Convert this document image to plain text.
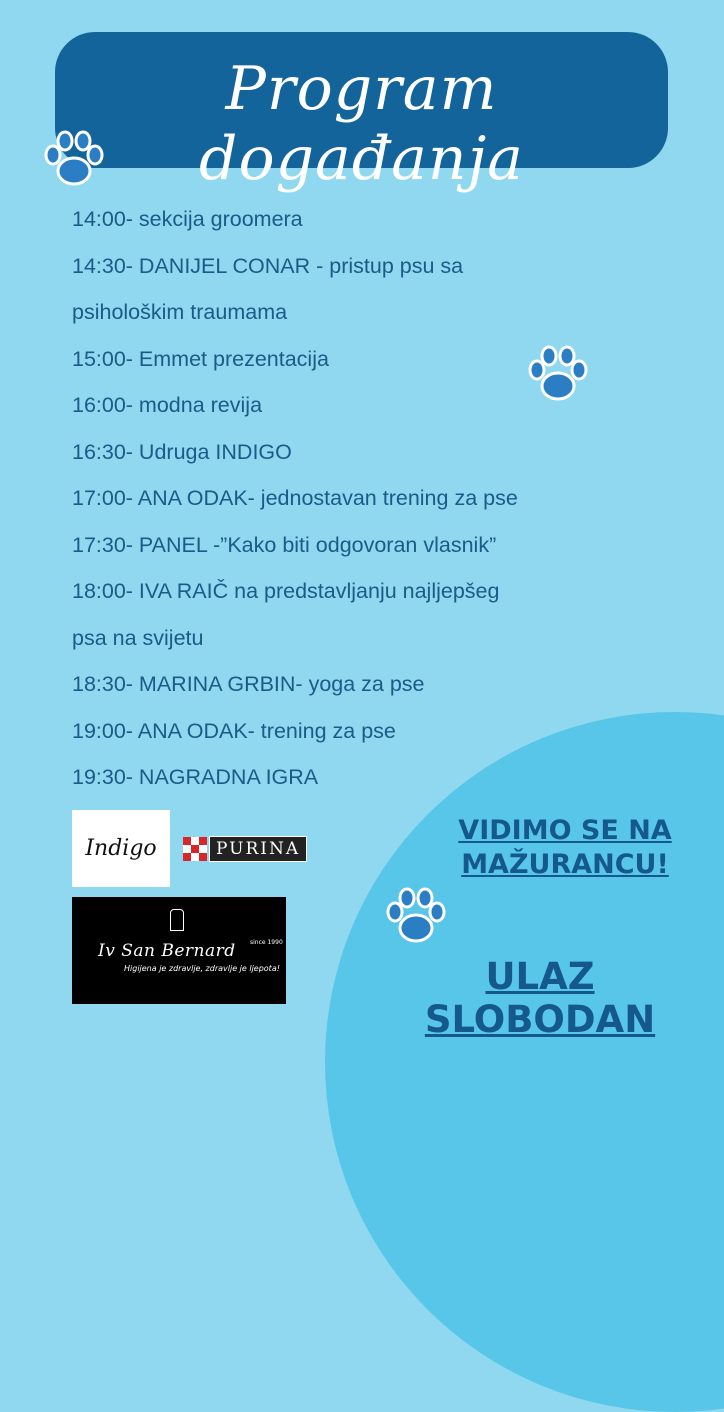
Program događanja
14:00- sekcija groomera
14:30- DANIJEL CONAR - pristup psu sa
psihološkim traumama
15:00- Emmet prezentacija
16:00- modna revija
16:30- Udruga INDIGO
17:00- ANA ODAK- jednostavan trening za pse
17:30- PANEL -”Kako biti odgovoran vlasnik”
18:00- IVA RAIČ na predstavljanju najljepšeg
psa na svijetu
18:30- MARINA GRBIN- yoga za pse
19:00- ANA ODAK- trening za pse
19:30- NAGRADNA IGRA
Indigo	PURINA
since 1990
Iv San Bernard
Higijena je zdravlje, zdravlje je ljepota!
VIDIMO SE NA
MAŽURANCU!
ULAZ SLOBODAN
